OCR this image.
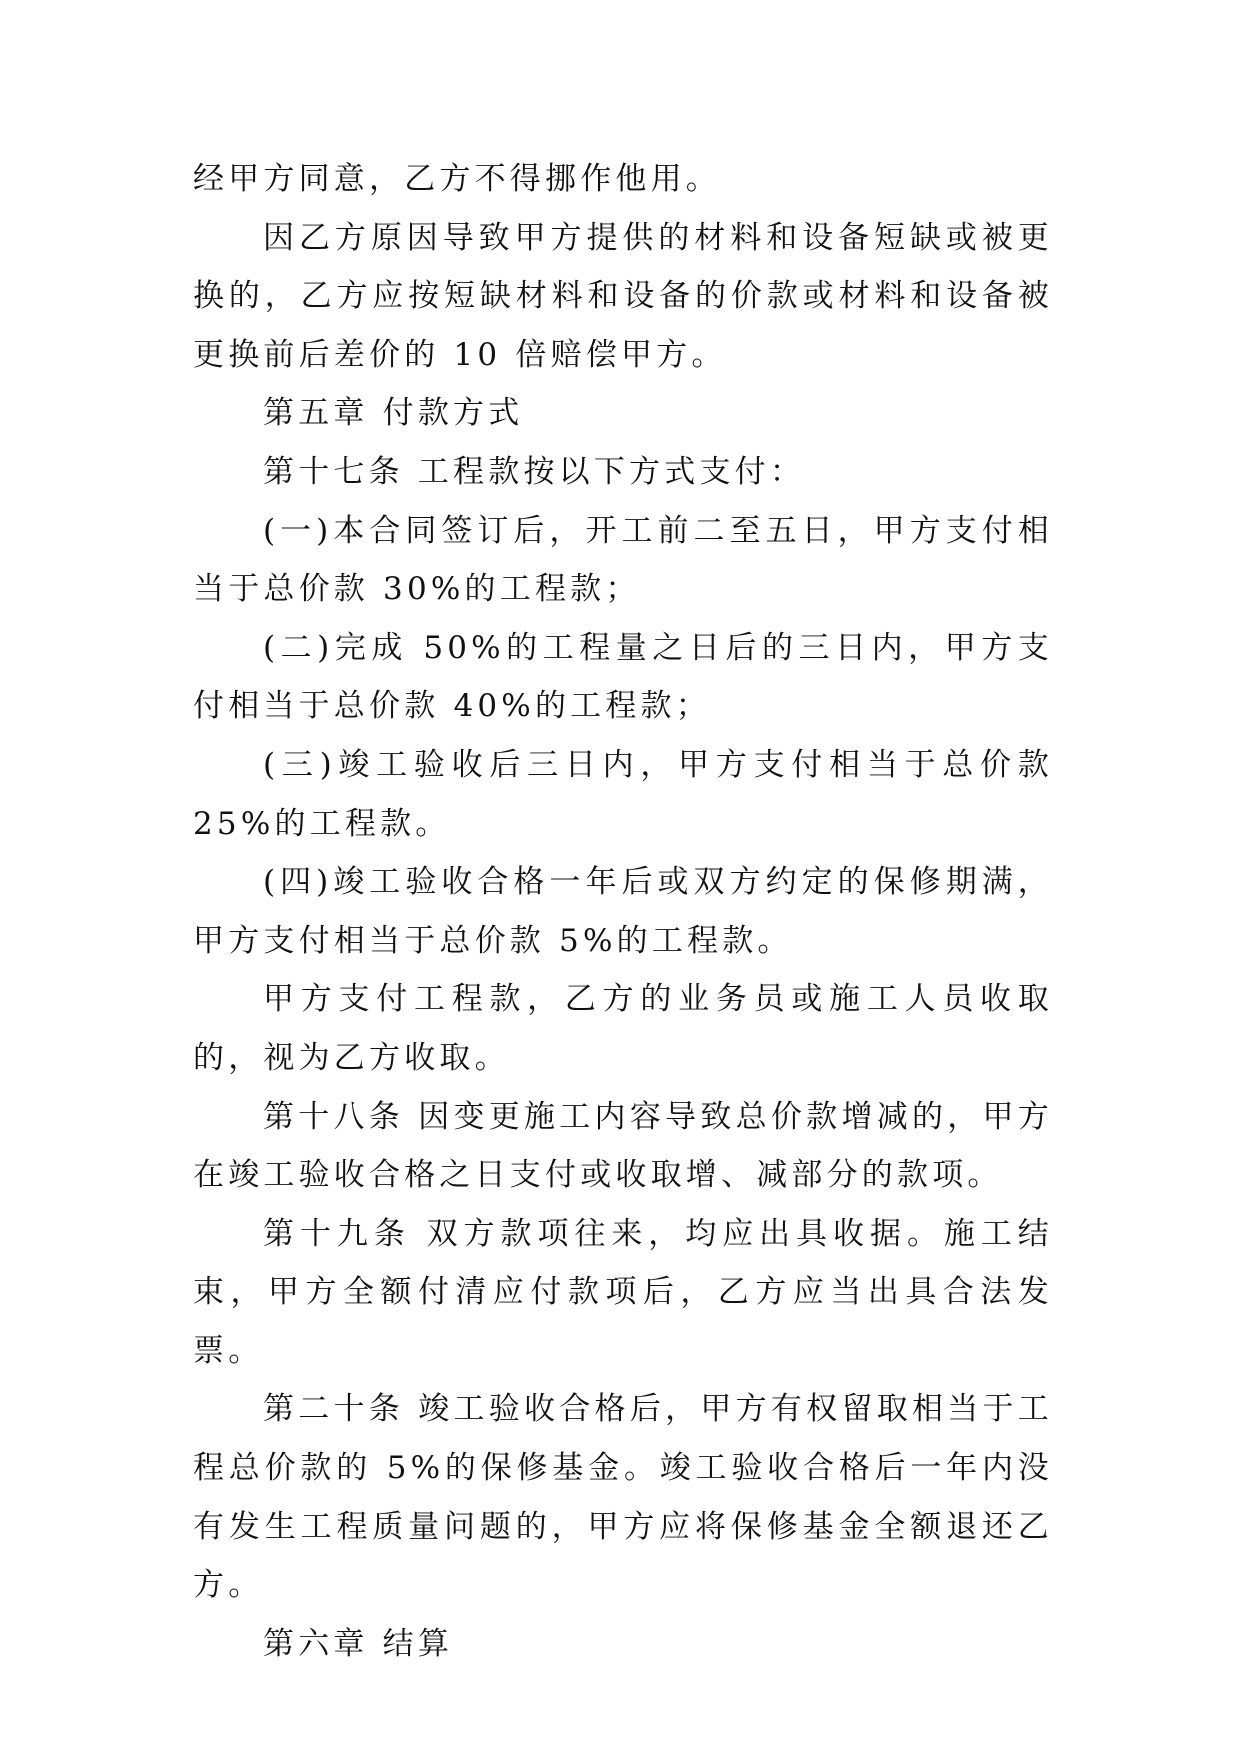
经甲方同意，乙方不得挪作他用。

因乙方原因导致甲方提供的材料和设备短缺或被更换的，乙方应按短缺材料和设备的价款或材料和设备被更换前后差价的 10 倍赔偿甲方。

第五章 付款方式

第十七条 工程款按以下方式支付：

(一)本合同签订后，开工前二至五日，甲方支付相当于总价款 30%的工程款；

(二)完成 50%的工程量之日后的三日内，甲方支付相当于总价款 40%的工程款；

(三)竣工验收后三日内，甲方支付相当于总价款 25%的工程款。

(四)竣工验收合格一年后或双方约定的保修期满，甲方支付相当于总价款 5%的工程款。

甲方支付工程款，乙方的业务员或施工人员收取的，视为乙方收取。

第十八条 因变更施工内容导致总价款增减的，甲方在竣工验收合格之日支付或收取增、减部分的款项。

第十九条 双方款项往来，均应出具收据。施工结束，甲方全额付清应付款项后，乙方应当出具合法发票。

第二十条 竣工验收合格后，甲方有权留取相当于工程总价款的 5%的保修基金。竣工验收合格后一年内没有发生工程质量问题的，甲方应将保修基金全额退还乙方。

第六章 结算
